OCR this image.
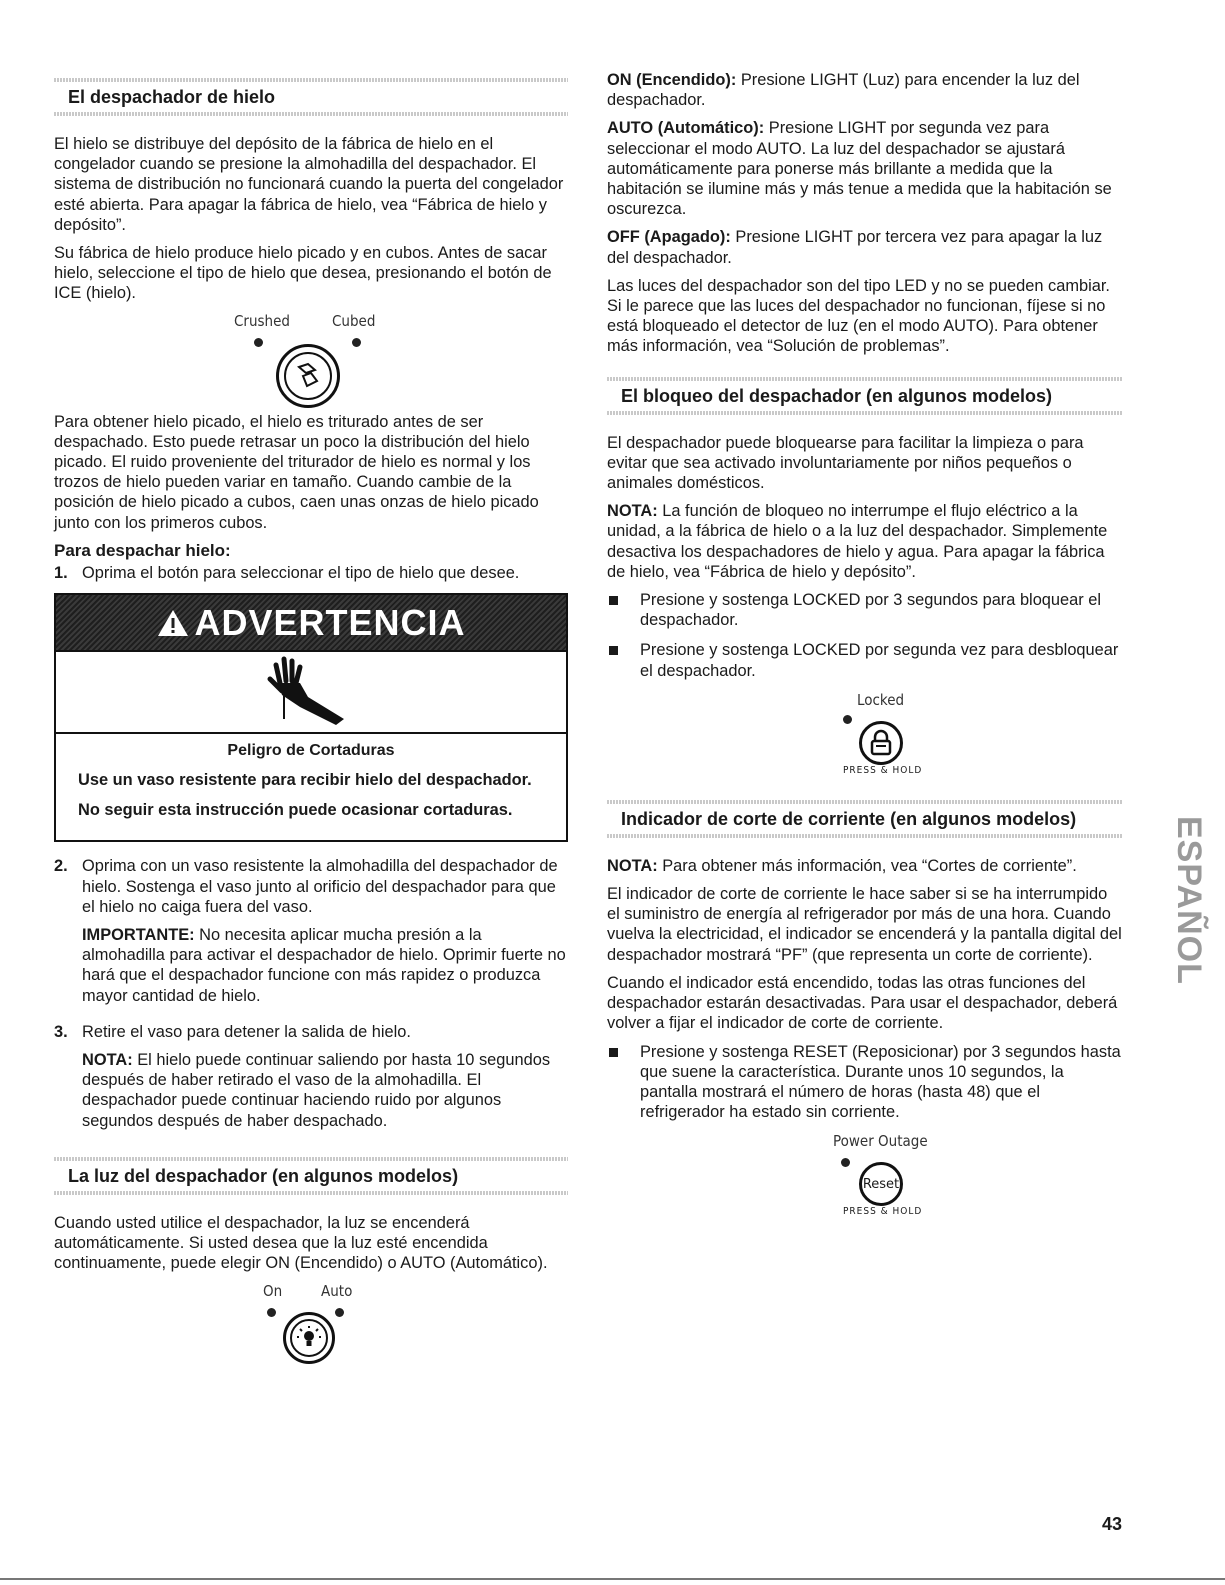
El despachador de hielo

El hielo se distribuye del depósito de la fábrica de hielo en el congelador cuando se presione la almohadilla del despachador. El sistema de distribución no funcionará cuando la puerta del congelador esté abierta. Para apagar la fábrica de hielo, vea “Fábrica de hielo y depósito”.

Su fábrica de hielo produce hielo picado y en cubos. Antes de sacar hielo, seleccione el tipo de hielo que desea, presionando el botón de ICE (hielo).

Crushed	Cubed

Para obtener hielo picado, el hielo es triturado antes de ser despachado. Esto puede retrasar un poco la distribución del hielo picado. El ruido proveniente del triturador de hielo es normal y los trozos de hielo pueden variar en tamaño. Cuando cambie de la posición de hielo picado a cubos, caen unas onzas de hielo picado junto con los primeros cubos.

Para despachar hielo:
1. Oprima el botón para seleccionar el tipo de hielo que desee.
ADVERTENCIA
Peligro de Cortaduras

Use un vaso resistente para recibir hielo del despachador.

No seguir esta instrucción puede ocasionar cortaduras.

2. Oprima con un vaso resistente la almohadilla del despachador de hielo. Sostenga el vaso junto al orificio del despachador para que el hielo no caiga fuera del vaso.

IMPORTANTE: No necesita aplicar mucha presión a la almohadilla para activar el despachador de hielo. Oprimir fuerte no hará que el despachador funcione con más rapidez o produzca mayor cantidad de hielo.

3. Retire el vaso para detener la salida de hielo.

NOTA: El hielo puede continuar saliendo por hasta 10 segundos después de haber retirado el vaso de la almohadilla. El despachador puede continuar haciendo ruido por algunos segundos después de haber despachado.

La luz del despachador (en algunos modelos)

Cuando usted utilice el despachador, la luz se encenderá automáticamente. Si usted desea que la luz esté encendida continuamente, puede elegir ON (Encendido) o AUTO (Automático).

On	Auto

ON (Encendido): Presione LIGHT (Luz) para encender la luz del despachador.

AUTO (Automático): Presione LIGHT por segunda vez para seleccionar el modo AUTO. La luz del despachador se ajustará automáticamente para ponerse más brillante a medida que la habitación se ilumine más y más tenue a medida que la habitación se oscurezca.

OFF (Apagado): Presione LIGHT por tercera vez para apagar la luz del despachador.

Las luces del despachador son del tipo LED y no se pueden cambiar. Si le parece que las luces del despachador no funcionan, fíjese si no está bloqueado el detector de luz (en el modo AUTO). Para obtener más información, vea “Solución de problemas”.

El bloqueo del despachador (en algunos modelos)

El despachador puede bloquearse para facilitar la limpieza o para evitar que sea activado involuntariamente por niños pequeños o animales domésticos.

NOTA: La función de bloqueo no interrumpe el flujo eléctrico a la unidad, a la fábrica de hielo o a la luz del despachador. Simplemente desactiva los despachadores de hielo y agua. Para apagar la fábrica de hielo, vea “Fábrica de hielo y depósito”.

Presione y sostenga LOCKED por 3 segundos para bloquear el despachador.
Presione y sostenga LOCKED por segunda vez para desbloquear el despachador.
Locked
PRESS & HOLD
Indicador de corte de corriente (en algunos modelos)

NOTA: Para obtener más información, vea “Cortes de corriente”.

El indicador de corte de corriente le hace saber si se ha interrumpido el suministro de energía al refrigerador por más de una hora. Cuando vuelva la electricidad, el indicador se encenderá y la pantalla digital del despachador mostrará “PF” (que representa un corte de corriente).

Cuando el indicador está encendido, todas las otras funciones del despachador estarán desactivadas. Para usar el despachador, deberá volver a fijar el indicador de corte de corriente.

Presione y sostenga RESET (Reposicionar) por 3 segundos hasta que suene la característica. Durante unos 10 segundos, la pantalla mostrará el número de horas (hasta 48) que el refrigerador ha estado sin corriente.
Power Outage
Reset
PRESS & HOLD
ESPAÑOL
43
